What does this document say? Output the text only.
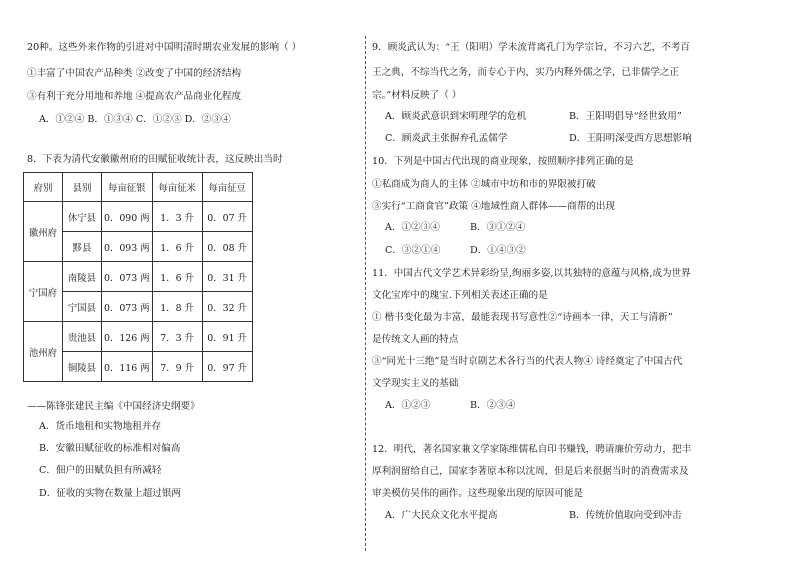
20种。这些外来作物的引进对中国明清时期农业发展的影响（ ）
①丰富了中国农产品种类 ②改变了中国的经济结构
③有利于充分用地和养地 ④提高农产品商业化程度
A．①②④ B．①③④ C．①②③ D．②③④
8．下表为清代安徽徽州府的田赋征收统计表，这反映出当时
府别	县别	每亩征银	每亩征米	每亩征豆
徽州府	休宁县	0．090 两	1．3 升	0．07 升
	黟县	0．093 两	1．6 升	0．08 升
宁国府	南陵县	0．073 两	1．6 升	0．31 升
	宁国县	0．073 两	1．8 升	0．32 升
池州府	贵池县	0．126 两	7．3 升	0．91 升
	铜陵县	0．116 两	7．9 升	0．97 升
——陈锋张建民主编《中国经济史纲要》
A．货币地租和实物地租并存
B．安徽田赋征收的标准相对偏高
C．佃户的田赋负担有所减轻
D．征收的实物在数量上超过银两
9．顾炎武认为：“王（阳明）学未流背离孔门为学宗旨，不习六艺，不考百
王之典，不综当代之务，而专心于内，实乃内释外儒之学，已非儒学之正
宗。”材料反映了（ ）
A．顾炎武意识到宋明理学的危机	B．王阳明倡导“经世致用”
C．顾炎武主张摒弃孔孟儒学	D．王阳明深受西方思想影响
10．下列是中国古代出现的商业现象，按照顺序排列正确的是
①私商成为商人的主体 ②城市中坊和市的界限被打破
③实行“工商食官”政策 ④地域性商人群体——商帮的出现
A．①②③④	B．③①②④
C．③②①④	D．①④③②
11．中国古代文学艺术异彩纷呈,绚丽多姿,以其独特的意蕴与风格,成为世界
文化宝库中的瑰宝.下列相关表述正确的是
① 楷书变化最为丰富，最能表现书写意性②“诗画本一律，天工与清新”
是传统文人画的特点
③“同光十三绝”是当时京剧艺术各行当的代表人物④ 诗经奠定了中国古代
文学现实主义的基础
A．①②③	B．②③④
12．明代，著名国家兼文学家陈维儒私自印书赚钱，聘请廉价劳动力，把丰
厚利润留给自己，国家李著原本称以沈周，但是后来很据当时的消费需求及
审美模仿吴伟的画作。这些现象出现的原因可能是
A．广大民众文化水平提高	B．传统价值取向受到冲击
